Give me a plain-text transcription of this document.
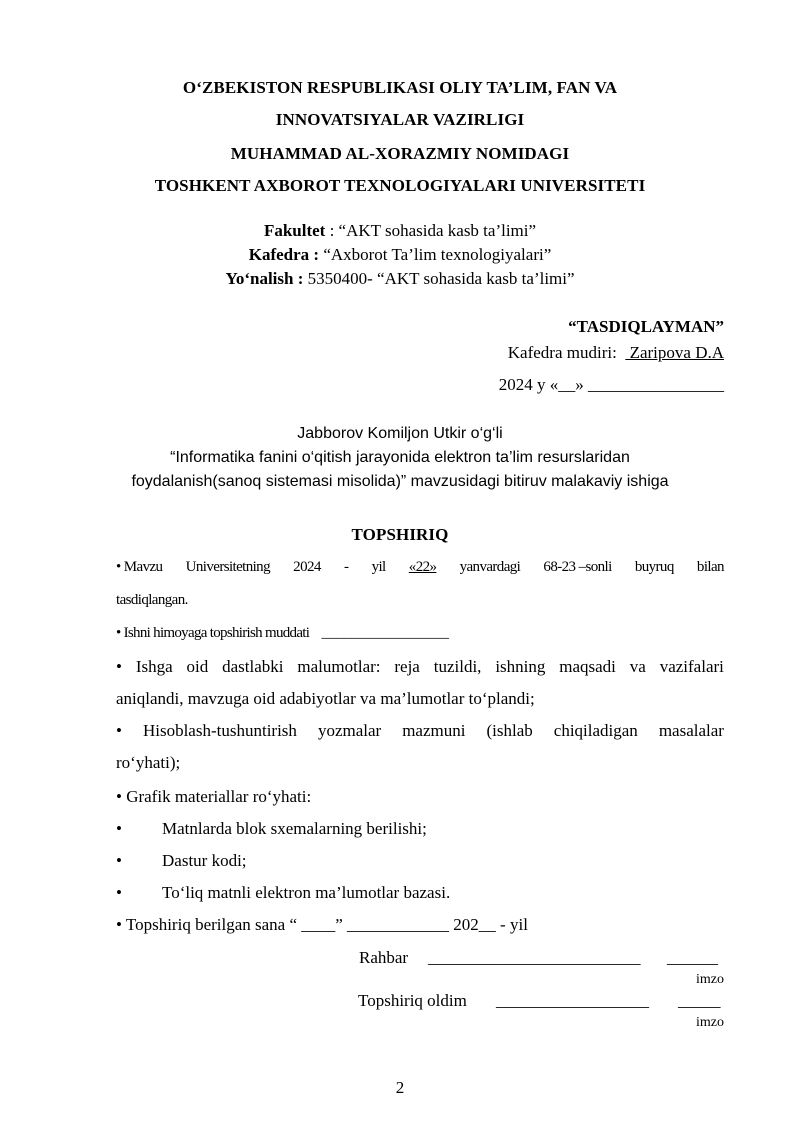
O‘ZBEKISTON RESPUBLIKASI OLIY TA’LIM, FAN VA
INNOVATSIYALAR VAZIRLIGI
MUHAMMAD AL-XORAZMIY NOMIDAGI
TOSHKENT AXBOROT TEXNOLOGIYALARI UNIVERSITETI
Fakultet : “AKT sohasida kasb ta’limi”
Kafedra : “Axborot Ta’lim texnologiyalari”
Yo‘nalish : 5350400- “AKT sohasida kasb ta’limi”
“TASDIQLAYMAN”
Kafedra mudiri:   Zaripova D.A
2024 y «__» ________________
Jabborov Komiljon Utkir o‘g‘li
“Informatika fanini o‘qitish jarayonida elektron ta’lim resurslaridan
foydalanish(sanoq sistemasi misolida)” mavzusidagi bitiruv malakaviy ishiga
TOPSHIRIQ
• Mavzu Universitetning 2024 - yil «22» yanvardagi 68-23 –sonli buyruq bilan
tasdiqlangan.
• Ishni himoyaga topshirish muddati _________________
• Ishga oid dastlabki malumotlar: reja tuzildi, ishning maqsadi va vazifalari
aniqlandi, mavzuga oid adabiyotlar va ma’lumotlar to‘plandi;
• Hisoblash-tushuntirish yozmalar mazmuni (ishlab chiqiladigan masalalar
ro‘yhati);
• Grafik materiallar ro‘yhati:
• Matnlarda blok sxemalarning berilishi;
• Dastur kodi;
• To‘liq matnli elektron ma’lumotlar bazasi.
• Topshiriq berilgan sana “ ____” ____________ 202__ - yil
Rahbar _________________________ ______
imzo
Topshiriq oldim __________________ _____
imzo
2
